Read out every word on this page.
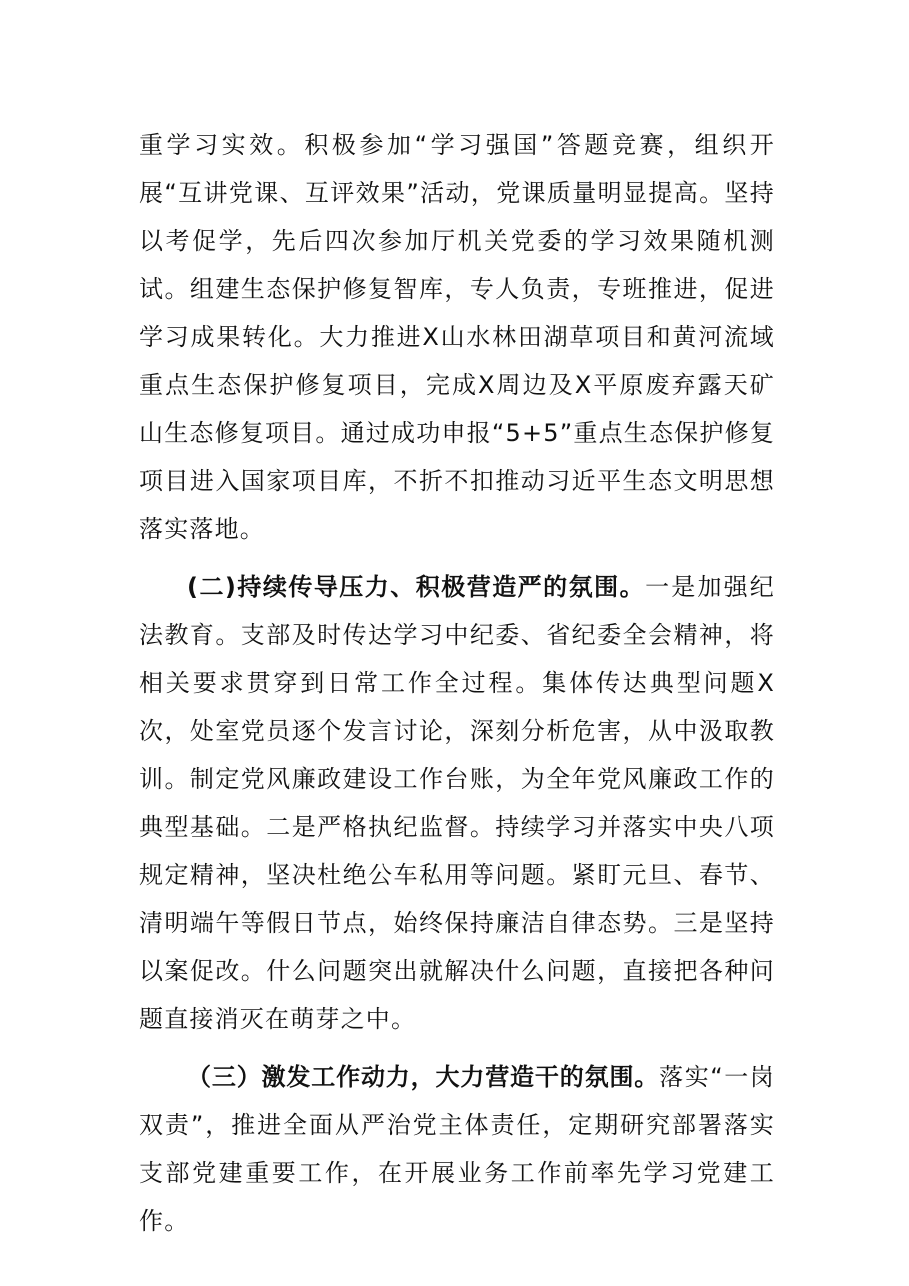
重学习实效。积极参加“学习强国”答题竞赛，组织开展“互讲党课、互评效果”活动，党课质量明显提高。坚持以考促学，先后四次参加厅机关党委的学习效果随机测试。组建生态保护修复智库，专人负责，专班推进，促进学习成果转化。大力推进X山水林田湖草项目和黄河流域重点生态保护修复项目，完成X周边及X平原废弃露天矿山生态修复项目。通过成功申报“5+5”重点生态保护修复项目进入国家项目库，不折不扣推动习近平生态文明思想落实落地。

(二)持续传导压力、积极营造严的氛围。一是加强纪法教育。支部及时传达学习中纪委、省纪委全会精神，将相关要求贯穿到日常工作全过程。集体传达典型问题X次，处室党员逐个发言讨论，深刻分析危害，从中汲取教训。制定党风廉政建设工作台账，为全年党风廉政工作的典型基础。二是严格执纪监督。持续学习并落实中央八项规定精神，坚决杜绝公车私用等问题。紧盯元旦、春节、清明端午等假日节点，始终保持廉洁自律态势。三是坚持以案促改。什么问题突出就解决什么问题，直接把各种问题直接消灭在萌芽之中。

（三）激发工作动力，大力营造干的氛围。落实“一岗双责”，推进全面从严治党主体责任，定期研究部署落实支部党建重要工作，在开展业务工作前率先学习党建工作。
